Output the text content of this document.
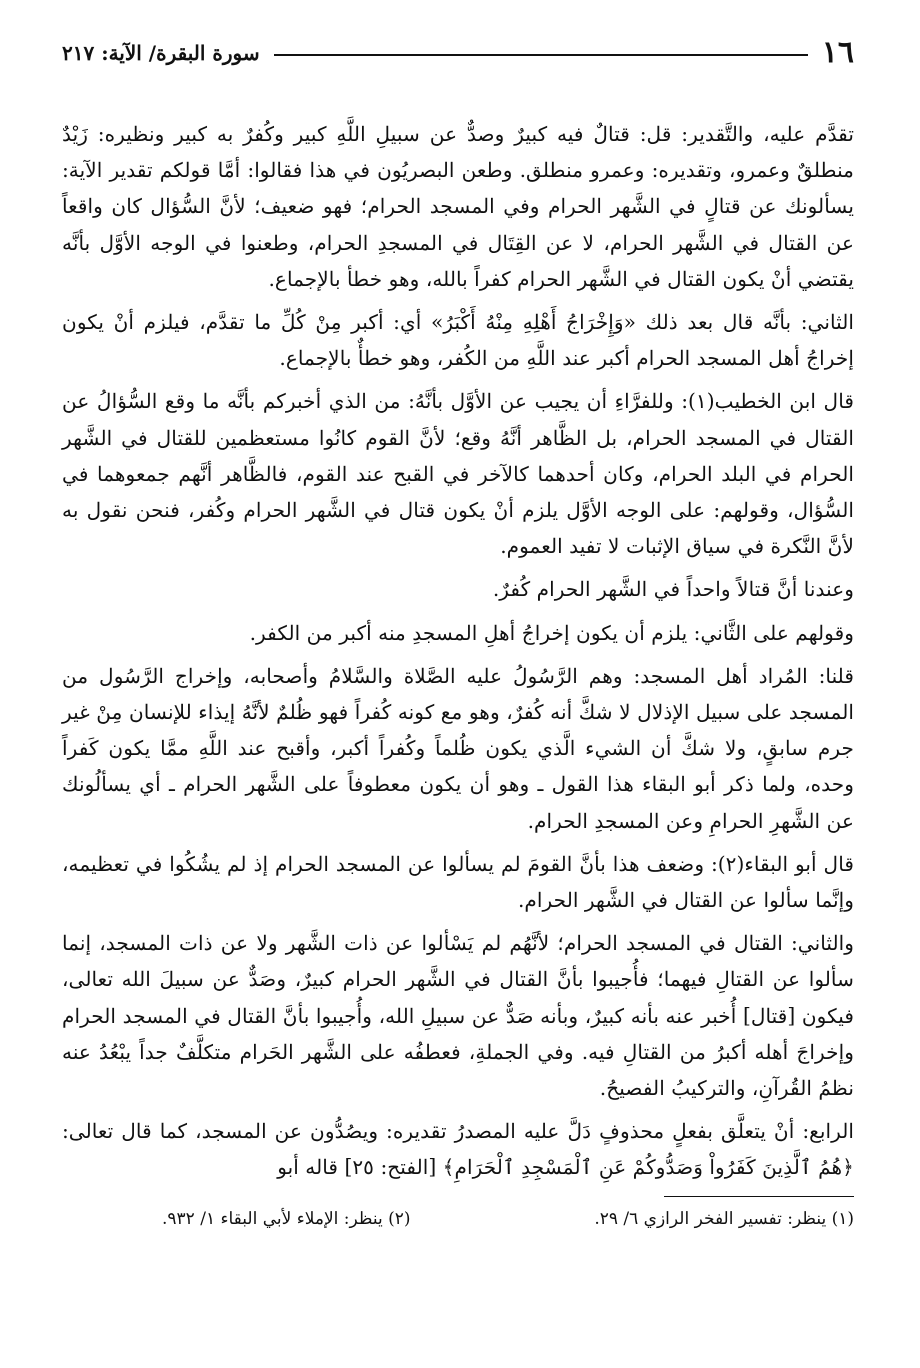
١٦
سورة البقرة/ الآية: ٢١٧

تقدَّم عليه، والتَّقدير: قل: قتالٌ فيه كبيرٌ وصدٌّ عن سبيلِ اللَّهِ كبير وكُفرٌ به كبير ونظيره: زَيْدٌ منطلقٌ وعمرو، وتقديره: وعمرو منطلق. وطعن البصريُون في هذا فقالوا: أمَّا قولكم تقدير الآية: يسألونك عن قتالٍ في الشَّهر الحرام وفي المسجد الحرام؛ فهو ضعيف؛ لأنَّ السُّؤال كان واقعاً عن القتال في الشَّهر الحرام، لا عن القِتَال في المسجدِ الحرام، وطعنوا في الوجه الأوَّل بأنَّه يقتضي أنْ يكون القتال في الشَّهر الحرام كفراً بالله، وهو خطأ بالإجماع.

الثاني: بأنَّه قال بعد ذلك «وَإِخْرَاجُ أَهْلِهِ مِنْهُ أَكْبَرُ» أي: أكبر مِنْ كُلِّ ما تقدَّم، فيلزم أنْ يكون إخراجُ أهل المسجد الحرام أكبر عند اللَّهِ من الكُفر، وهو خطأٌ بالإجماع.

قال ابن الخطيب(١): وللفرَّاءِ أن يجيب عن الأوَّل بأنَّهُ: من الذي أخبركم بأنَّه ما وقع السُّؤالُ عن القتال في المسجد الحرام، بل الظَّاهر أنَّهُ وقع؛ لأنَّ القوم كانُوا مستعظمين للقتال في الشَّهر الحرام في البلد الحرام، وكان أحدهما كالآخر في القبح عند القوم، فالظَّاهر أنَّهم جمعوهما في السُّؤال، وقولهم: على الوجه الأوَّل يلزم أنْ يكون قتال في الشَّهر الحرام وكُفر، فنحن نقول به لأنَّ النَّكرة في سياق الإثبات لا تفيد العموم.

وعندنا أنَّ قتالاً واحداً في الشَّهر الحرام كُفرٌ.

وقولهم على الثَّاني: يلزم أن يكون إخراجُ أهلِ المسجدِ منه أكبر من الكفر.

قلنا: المُراد أهل المسجد: وهم الرَّسُولُ عليه الصَّلاة والسَّلامُ وأصحابه، وإخراج الرَّسُول من المسجد على سبيل الإذلال لا شكَّ أنه كُفرٌ، وهو مع كونه كُفراً فهو ظُلمٌ لأنَّهُ إيذاء للإنسان مِنْ غير جرم سابقٍ، ولا شكَّ أن الشيء الَّذي يكون ظُلماً وكُفراً أكبر، وأقبح عند اللَّهِ ممَّا يكون كَفراً وحده، ولما ذكر أبو البقاء هذا القول ـ وهو أن يكون معطوفاً على الشَّهر الحرام ـ أي يسألُونك عن الشَّهرِ الحرامِ وعن المسجدِ الحرام.

قال أبو البقاء(٢): وضعف هذا بأنَّ القومَ لم يسألوا عن المسجد الحرام إذ لم يشُكُوا في تعظيمه، وإنَّما سألوا عن القتال في الشَّهر الحرام.

والثاني: القتال في المسجد الحرام؛ لأنَّهُم لم يَسْألوا عن ذات الشَّهر ولا عن ذات المسجد، إنما سألوا عن القتالِ فيهما؛ فأُجيبوا بأنَّ القتال في الشَّهر الحرام كبيرٌ، وصَدٌّ عن سبيلَ الله تعالى، فيكون [قتال] أُخبر عنه بأنه كبيرٌ، وبأنه صَدٌّ عن سبيلِ الله، وأُجيبوا بأنَّ القتال في المسجد الحرام وإخراجَ أهله أكبرُ من القتالِ فيه. وفي الجملةِ، فعطفُه على الشَّهر الحَرام متكلَّفٌ جداً يبْعُدُ عنه نظمُ القُرآنِ، والتركيبُ الفصيحُ.

الرابع: أنْ يتعلَّق بفعلٍ محذوفٍ دَلَّ عليه المصدرُ تقديره: ويصُدُّون عن المسجد، كما قال تعالى: ﴿هُمُ ٱلَّذِينَ كَفَرُواْ وَصَدُّوكُمْ عَنِ ٱلْمَسْجِدِ ٱلْحَرَامِ﴾ [الفتح: ٢٥] قاله أبو

(١) ينظر: تفسير الفخر الرازي ٦/ ٢٩.
(٢) ينظر: الإملاء لأبي البقاء ١/ ٩٣٢.
